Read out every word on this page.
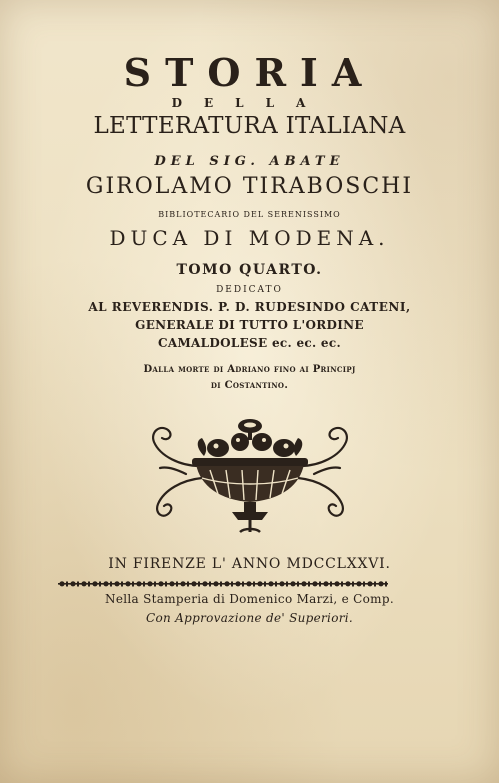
STORIA
DELLA
LETTERATURA ITALIANA
DEL SIG. ABATE
GIROLAMO TIRABOSCHI
BIBLIOTECARIO DEL SERENISSIMO
DUCA DI MODENA.
TOMO QUARTO.
DEDICATO
AL REVERENDIS. P. D. RUDESINDO CATENI,
GENERALE DI TUTTO L'ORDINE
CAMALDOLESE ec. ec. ec.
Dalla morte di Adriano fino ai Principj
di Costantino.
IN FIRENZE L' ANNO MDCCLXXVI.
Nella Stamperia di Domenico Marzi, e Comp.
Con Approvazione de' Superiori.
